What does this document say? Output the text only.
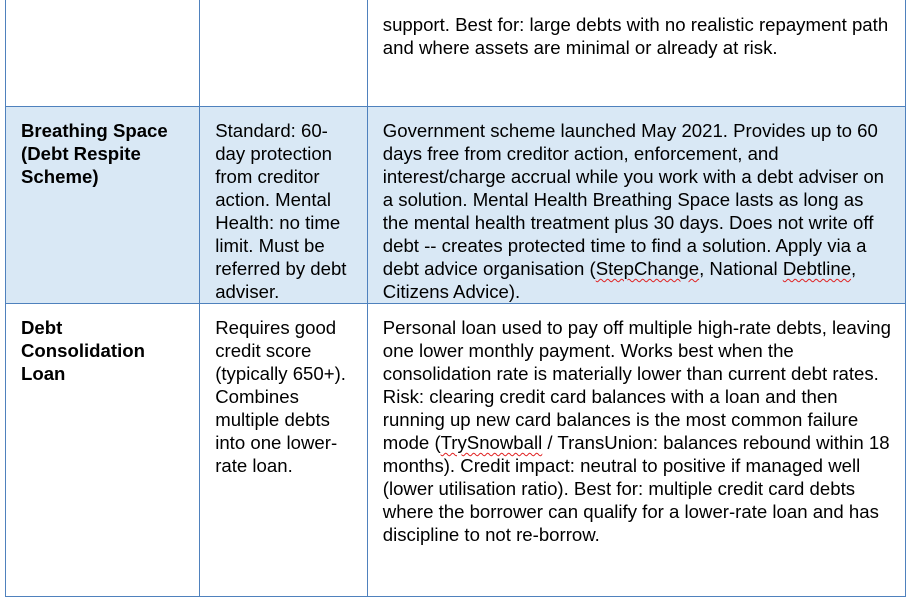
		support. Best for: large debts with no realistic repayment path and where assets are minimal or already at risk.
Breathing Space (Debt Respite Scheme)	Standard: 60-day protection from creditor action. Mental Health: no time limit. Must be referred by debt adviser.	Government scheme launched May 2021. Provides up to 60 days free from creditor action, enforcement, and interest/charge accrual while you work with a debt adviser on a solution. Mental Health Breathing Space lasts as long as the mental health treatment plus 30 days. Does not write off debt -- creates protected time to find a solution. Apply via a debt advice organisation (StepChange, National Debtline, Citizens Advice).
Debt Consolidation Loan	Requires good credit score (typically 650+). Combines multiple debts into one lower-rate loan.	Personal loan used to pay off multiple high-rate debts, leaving one lower monthly payment. Works best when the consolidation rate is materially lower than current debt rates. Risk: clearing credit card balances with a loan and then running up new card balances is the most common failure mode (TrySnowball / TransUnion: balances rebound within 18 months). Credit impact: neutral to positive if managed well (lower utilisation ratio). Best for: multiple credit card debts where the borrower can qualify for a lower-rate loan and has discipline to not re-borrow.
